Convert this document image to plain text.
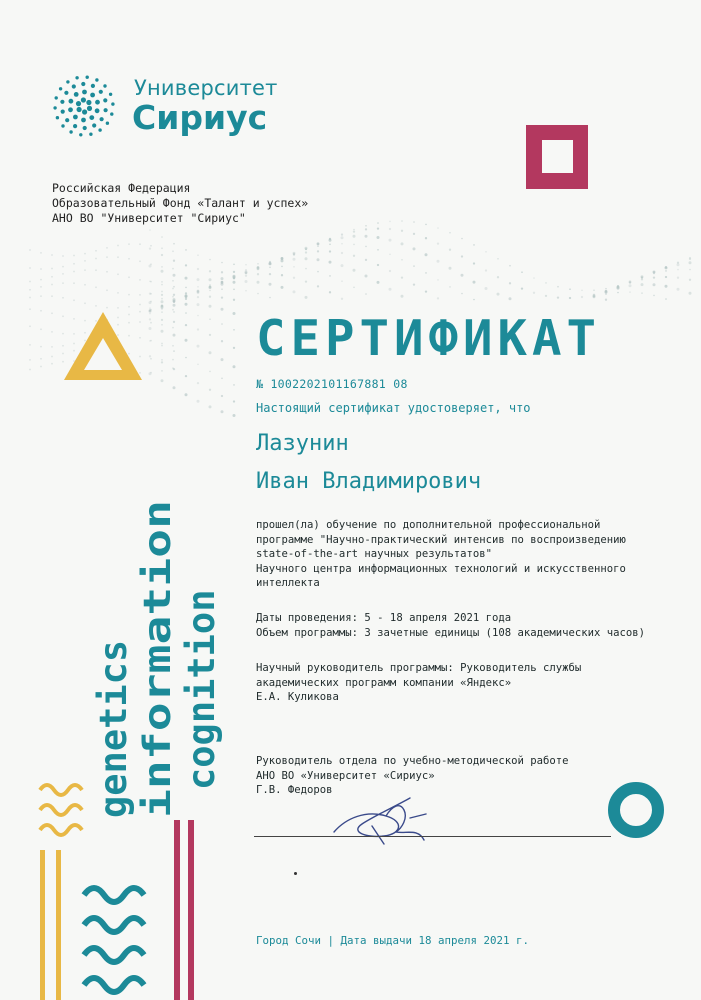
Университет
Сириус
Российская Федерация
Образовательный Фонд «Талант и успех»
АНО ВО "Университет "Сириус"
СЕРТИФИКАТ
№ 1002202101167881 08
Настоящий сертификат удостоверяет, что
Лазунин
Иван Владимирович
прошел(ла) обучение по дополнительной профессиональной
программе "Научно-практический интенсив по воспроизведению
state-of-the-art научных результатов"
Научного центра информационных технологий и искусственного
интеллекта
Даты проведения: 5 - 18 апреля 2021 года
Объем программы: 3 зачетные единицы (108 академических часов)
Научный руководитель программы: Руководитель службы
академических программ компании «Яндекс»
Е.А. Куликова
Руководитель отдела по учебно-методической работе
АНО ВО «Университет «Сириус»
Г.В. Федоров
genetics information cognition
Город Сочи | Дата выдачи 18 апреля 2021 г.
